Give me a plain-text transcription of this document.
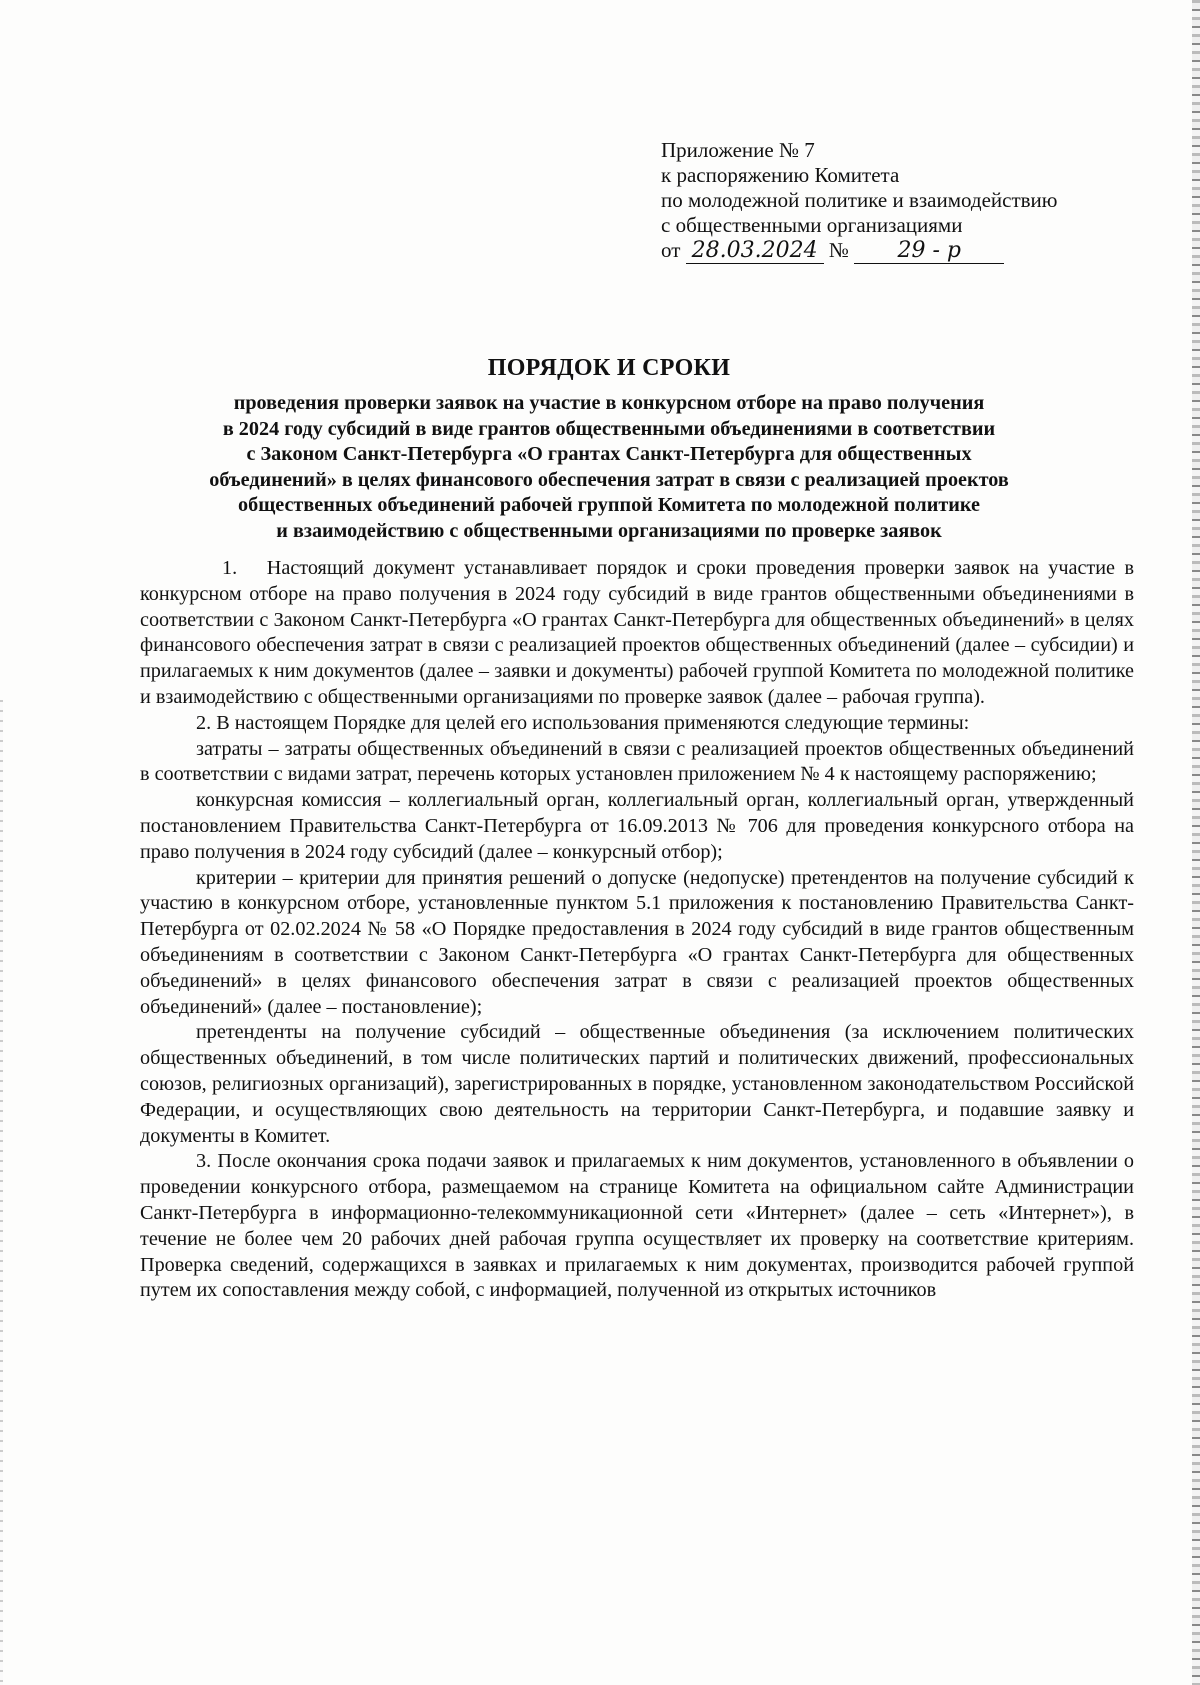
Приложение № 7
к распоряжению Комитета
по молодежной политике и взаимодействию
с общественными организациями
от 28.03.2024 № 29 - р
ПОРЯДОК И СРОКИ
проведения проверки заявок на участие в конкурсном отборе на право получения
в 2024 году субсидий в виде грантов общественными объединениями в соответствии
с Законом Санкт-Петербурга «О грантах Санкт-Петербурга для общественных
объединений» в целях финансового обеспечения затрат в связи с реализацией проектов
общественных объединений рабочей группой Комитета по молодежной политике
и взаимодействию с общественными организациями по проверке заявок

1.  Настоящий документ устанавливает порядок и сроки проведения проверки заявок на участие в конкурсном отборе на право получения в 2024 году субсидий в виде грантов общественными объединениями в соответствии с Законом Санкт-Петербурга «О грантах Санкт-Петербурга для общественных объединений» в целях финансового обеспечения затрат в связи с реализацией проектов общественных объединений (далее – субсидии) и прилагаемых к ним документов (далее – заявки и документы) рабочей группой Комитета по молодежной политике и взаимодействию с общественными организациями по проверке заявок (далее – рабочая группа).

2. В настоящем Порядке для целей его использования применяются следующие термины:

затраты – затраты общественных объединений в связи с реализацией проектов общественных объединений в соответствии с видами затрат, перечень которых установлен приложением № 4 к настоящему распоряжению;

конкурсная комиссия – коллегиальный орган, коллегиальный орган, коллегиальный орган, утвержденный постановлением Правительства Санкт-Петербурга от 16.09.2013 № 706 для проведения конкурсного отбора на право получения в 2024 году субсидий (далее – конкурсный отбор);

критерии – критерии для принятия решений о допуске (недопуске) претендентов на получение субсидий к участию в конкурсном отборе, установленные пунктом 5.1 приложения к постановлению Правительства Санкт-Петербурга от 02.02.2024 № 58 «О Порядке предоставления в 2024 году субсидий в виде грантов общественным объединениям в соответствии с Законом Санкт-Петербурга «О грантах Санкт-Петербурга для общественных объединений» в целях финансового обеспечения затрат в связи с реализацией проектов общественных объединений» (далее – постановление);

претенденты на получение субсидий – общественные объединения (за исключением политических общественных объединений, в том числе политических партий и политических движений, профессиональных союзов, религиозных организаций), зарегистрированных в порядке, установленном законодательством Российской Федерации, и осуществляющих свою деятельность на территории Санкт-Петербурга, и подавшие заявку и документы в Комитет.

3. После окончания срока подачи заявок и прилагаемых к ним документов, установленного в объявлении о проведении конкурсного отбора, размещаемом на странице Комитета на официальном сайте Администрации Санкт-Петербурга в информационно-телекоммуникационной сети «Интернет» (далее – сеть «Интернет»), в течение не более чем 20 рабочих дней рабочая группа осуществляет их проверку на соответствие критериям. Проверка сведений, содержащихся в заявках и прилагаемых к ним документах, производится рабочей группой путем их сопоставления между собой, с информацией, полученной из открытых источников
